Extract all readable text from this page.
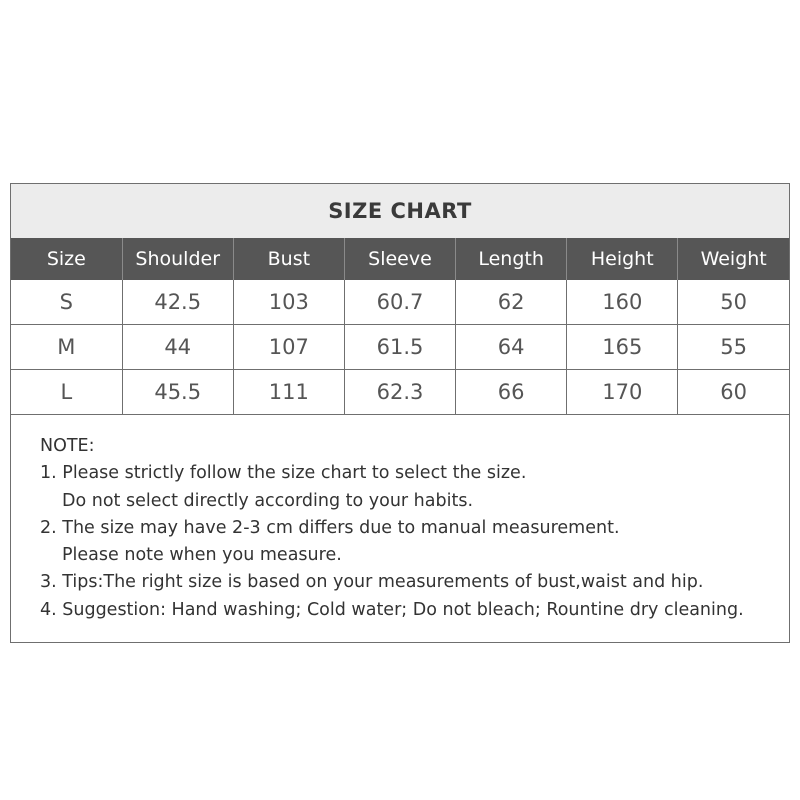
SIZE CHART
Size	Shoulder	Bust	Sleeve	Length	Height	Weight
S	42.5	103	60.7	62	160	50
M	44	107	61.5	64	165	55
L	45.5	111	62.3	66	170	60
NOTE:
1. Please strictly follow the size chart to select the size.
Do not select directly according to your habits.
2. The size may have 2-3 cm differs due to manual measurement.
Please note when you measure.
3. Tips:The right size is based on your measurements of bust,waist and hip.
4. Suggestion: Hand washing; Cold water; Do not bleach; Rountine dry cleaning.
